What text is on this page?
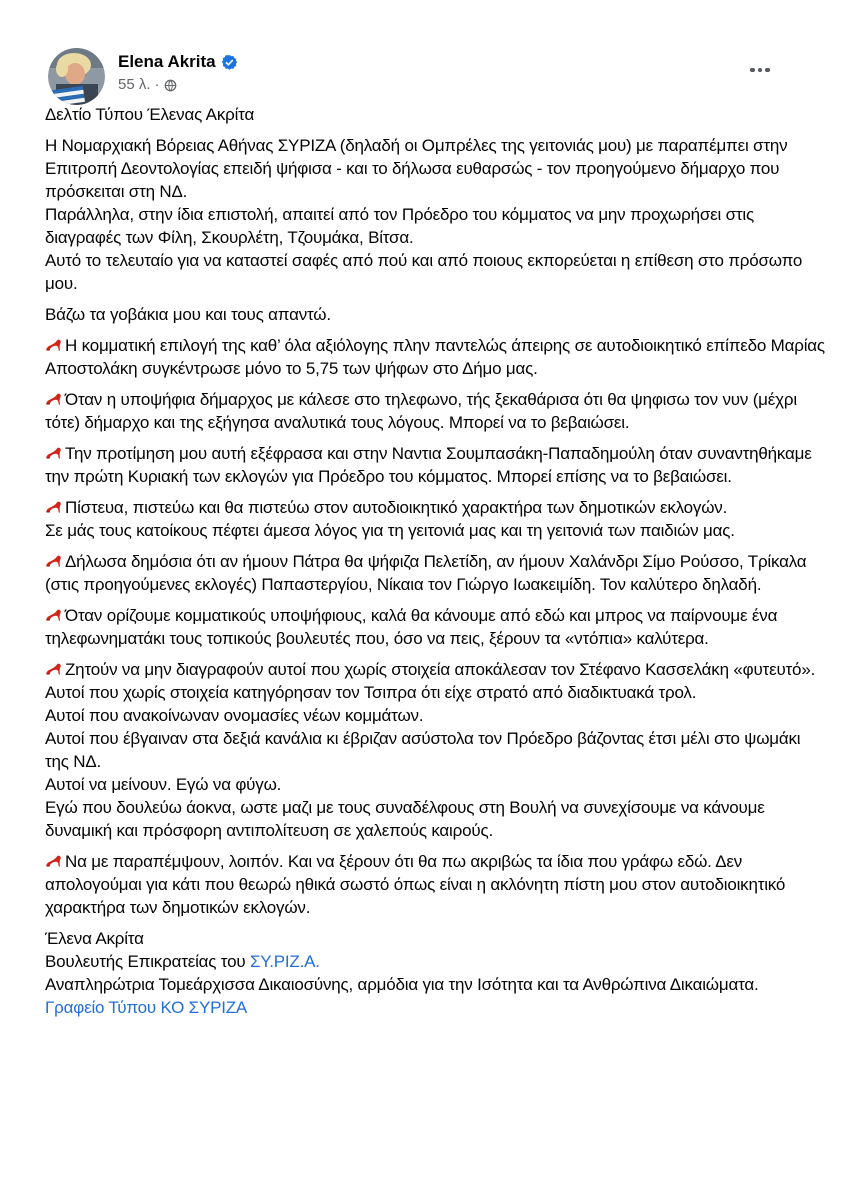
Elena Akrita
55 λ. ·
Δελτίο Τύπου Έλενας Ακρίτα
Η Νομαρχιακή Βόρειας Αθήνας ΣΥΡΙΖΑ (δηλαδή οι Ομπρέλες της γειτονιάς μου) με παραπέμπει στην Επιτροπή Δεοντολογίας επειδή ψήφισα - και το δήλωσα ευθαρσώς - τον προηγούμενο δήμαρχο που πρόσκειται στη ΝΔ.
Παράλληλα, στην ίδια επιστολή, απαιτεί από τον Πρόεδρο του κόμματος να μην προχωρήσει στις διαγραφές των Φίλη, Σκουρλέτη, Τζουμάκα, Βίτσα.
Αυτό το τελευταίο για να καταστεί σαφές από πού και από ποιους εκπορεύεται η επίθεση στο πρόσωπο μου.
Βάζω τα γοβάκια μου και τους απαντώ.
Η κομματική επιλογή της καθ’ όλα αξιόλογης πλην παντελώς άπειρης σε αυτοδιοικητικό επίπεδο Μαρίας Αποστολάκη συγκέντρωσε μόνο το 5,75 των ψήφων στο Δήμο μας.
Όταν η υποψήφια δήμαρχος με κάλεσε στο τηλεφωνο, τής ξεκαθάρισα ότι θα ψηφισω τον νυν (μέχρι τότε) δήμαρχο και της εξήγησα αναλυτικά τους λόγους. Μπορεί να το βεβαιώσει.
Την προτίμηση μου αυτή εξέφρασα και στην Ναντια Σουμπασάκη-Παπαδημούλη όταν συναντηθήκαμε την πρώτη Κυριακή των εκλογών για Πρόεδρο του κόμματος. Μπορεί επίσης να το βεβαιώσει.
Πίστευα, πιστεύω και θα πιστεύω στον αυτοδιοικητικό χαρακτήρα των δημοτικών εκλογών.
Σε μάς τους κατοίκους πέφτει άμεσα λόγος για τη γειτονιά μας και τη γειτονιά των παιδιών μας.
Δήλωσα δημόσια ότι αν ήμουν Πάτρα θα ψήφιζα Πελετίδη, αν ήμουν Χαλάνδρι Σίμο Ρούσσο, Τρίκαλα (στις προηγούμενες εκλογές) Παπαστεργίου, Νίκαια τον Γιώργο Ιωακειμίδη. Τον καλύτερο δηλαδή.
Όταν ορίζουμε κομματικούς υποψήφιους, καλά θα κάνουμε από εδώ και μπρος να παίρνουμε ένα τηλεφωνηματάκι τους τοπικούς βουλευτές που, όσο να πεις, ξέρουν τα «ντόπια» καλύτερα.
Ζητούν να μην διαγραφούν αυτοί που χωρίς στοιχεία αποκάλεσαν τον Στέφανο Κασσελάκη «φυτευτό».
Αυτοί που χωρίς στοιχεία κατηγόρησαν τον Τσιπρα ότι είχε στρατό από διαδικτυακά τρολ.
Αυτοί που ανακοίνωναν ονομασίες νέων κομμάτων.
Αυτοί που έβγαιναν στα δεξιά κανάλια κι έβριζαν ασύστολα τον Πρόεδρο βάζοντας έτσι μέλι στο ψωμάκι της ΝΔ.
Αυτοί να μείνουν. Εγώ να φύγω.
Εγώ που δουλεύω άοκνα, ωστε μαζι με τους συναδέλφους στη Βουλή να συνεχίσουμε να κάνουμε δυναμική και πρόσφορη αντιπολίτευση σε χαλεπούς καιρούς.
Να με παραπέμψουν, λοιπόν. Και να ξέρουν ότι θα πω ακριβώς τα ίδια που γράφω εδώ. Δεν απολογούμαι για κάτι που θεωρώ ηθικά σωστό όπως είναι η ακλόνητη πίστη μου στον αυτοδιοικητικό χαρακτήρα των δημοτικών εκλογών.
Έλενα Ακρίτα
Βουλευτής Επικρατείας του ΣΥ.ΡΙΖ.Α.
Αναπληρώτρια Τομεάρχισσα Δικαιοσύνης, αρμόδια για την Ισότητα και τα Ανθρώπινα Δικαιώματα.
Γραφείο Τύπου ΚΟ ΣΥΡΙΖΑ
